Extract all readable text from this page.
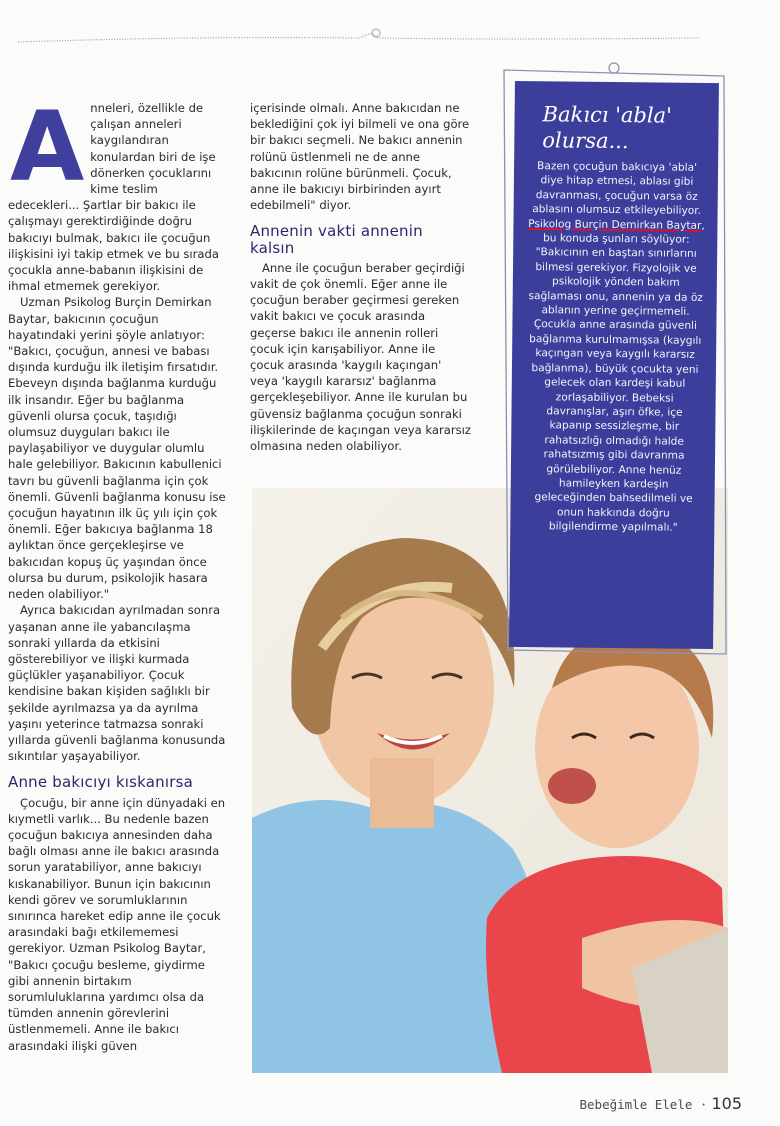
A nneleri, özellikle de çalışan anneleri kaygılandıran konulardan biri de işe dönerken çocuklarını kime teslim edecekleri... Şartlar bir bakıcı ile çalışmayı gerektirdiğinde doğru bakıcıyı bulmak, bakıcı ile çocuğun ilişkisini iyi takip etmek ve bu sırada çocukla anne-babanın ilişkisini de ihmal etmemek gerekiyor.

Uzman Psikolog Burçin Demirkan Baytar, bakıcının çocuğun hayatındaki yerini şöyle anlatıyor: "Bakıcı, çocuğun, annesi ve babası dışında kurduğu ilk iletişim fırsatıdır. Ebeveyn dışında bağlanma kurduğu ilk insandır. Eğer bu bağlanma güvenli olursa çocuk, taşıdığı olumsuz duyguları bakıcı ile paylaşabiliyor ve duygular olumlu hale gelebiliyor. Bakıcının kabullenici tavrı bu güvenli bağlanma için çok önemli. Güvenli bağlanma konusu ise çocuğun hayatının ilk üç yılı için çok önemli. Eğer bakıcıya bağlanma 18 aylıktan önce gerçekleşirse ve bakıcıdan kopuş üç yaşından önce olursa bu durum, psikolojik hasara neden olabiliyor."

Ayrıca bakıcıdan ayrılmadan sonra yaşanan anne ile yabancılaşma sonraki yıllarda da etkisini gösterebiliyor ve ilişki kurmada güçlükler yaşanabiliyor. Çocuk kendisine bakan kişiden sağlıklı bir şekilde ayrılmazsa ya da ayrılma yaşını yeterince tatmazsa sonraki yıllarda güvenli bağlanma konusunda sıkıntılar yaşayabiliyor.

Anne bakıcıyı kıskanırsa

Çocuğu, bir anne için dünyadaki en kıymetli varlık... Bu nedenle bazen çocuğun bakıcıya annesinden daha bağlı olması anne ile bakıcı arasında sorun yaratabiliyor, anne bakıcıyı kıskanabiliyor. Bunun için bakıcının kendi görev ve sorumluklarının sınırınca hareket edip anne ile çocuk arasındaki bağı etkilememesi gerekiyor. Uzman Psikolog Baytar, "Bakıcı çocuğu besleme, giydirme gibi annenin birtakım sorumluluklarına yardımcı olsa da tümden annenin görevlerini üstlenmemeli. Anne ile bakıcı arasındaki ilişki güven

içerisinde olmalı. Anne bakıcıdan ne beklediğini çok iyi bilmeli ve ona göre bir bakıcı seçmeli. Ne bakıcı annenin rolünü üstlenmeli ne de anne bakıcının rolüne bürünmeli. Çocuk, anne ile bakıcıyı birbirinden ayırt edebilmeli" diyor.

Annenin vakti annenin kalsın

Anne ile çocuğun beraber geçirdiği vakit de çok önemli. Eğer anne ile çocuğun beraber geçirmesi gereken vakit bakıcı ve çocuk arasında geçerse bakıcı ile annenin rolleri çocuk için karışabiliyor. Anne ile çocuk arasında 'kaygılı kaçıngan' veya 'kaygılı kararsız' bağlanma gerçekleşebiliyor. Anne ile kurulan bu güvensiz bağlanma çocuğun sonraki ilişkilerinde de kaçıngan veya kararsız olmasına neden olabiliyor.

Bakıcı 'abla' olursa...
Bazen çocuğun bakıcıya 'abla' diye hitap etmesi, ablası gibi davranması, çocuğun varsa öz ablasını olumsuz etkileyebiliyor. Psikolog Burçin Demirkan Baytar, bu konuda şunları söylüyor: "Bakıcının en baştan sınırlarını bilmesi gerekiyor. Fizyolojik ve psikolojik yönden bakım sağlaması onu, annenin ya da öz ablanın yerine geçirmemeli. Çocukla anne arasında güvenli bağlanma kurulmamışsa (kaygılı kaçıngan veya kaygılı kararsız bağlanma), büyük çocukta yeni gelecek olan kardeşi kabul zorlaşabiliyor. Bebeksi davranışlar, aşırı öfke, içe kapanıp sessizleşme, bir rahatsızlığı olmadığı halde rahatsızmış gibi davranma görülebiliyor. Anne henüz hamileyken kardeşin geleceğinden bahsedilmeli ve onun hakkında doğru bilgilendirme yapılmalı."
Bebeğimle Elele · 105
